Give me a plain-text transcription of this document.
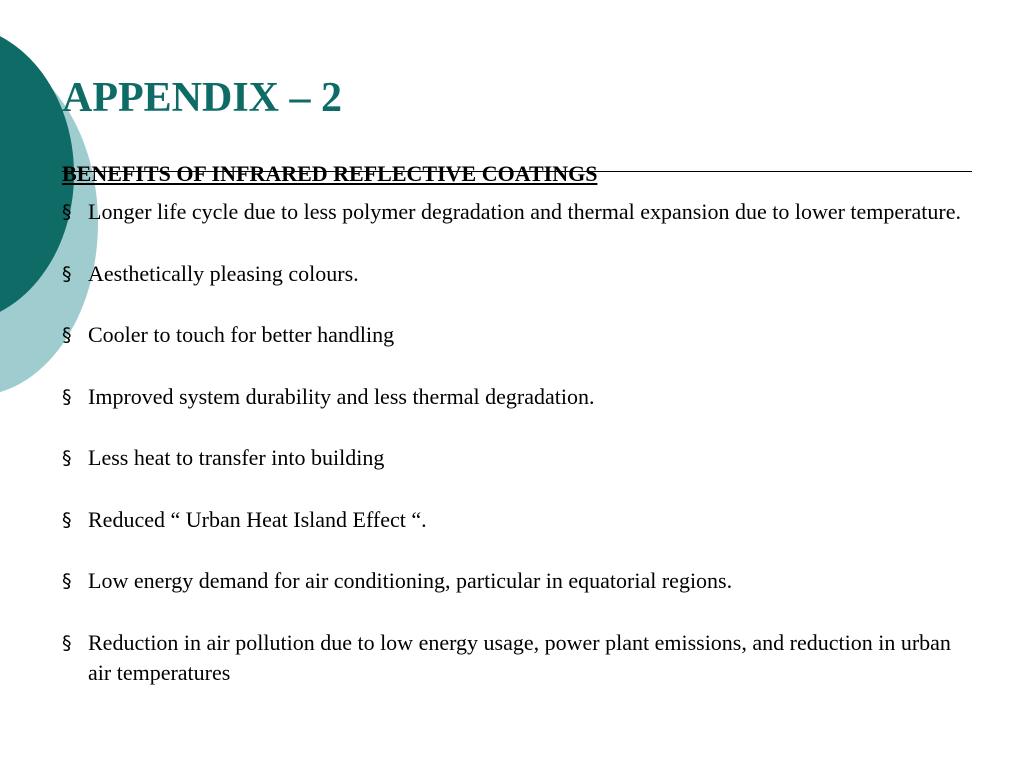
APPENDIX – 2
BENEFITS OF INFRARED REFLECTIVE COATINGS
§ Longer life cycle due to less polymer degradation and thermal expansion due to lower temperature.
§ Aesthetically pleasing colours.
§ Cooler to touch for better handling
§ Improved system durability and less thermal degradation.
§ Less heat to transfer into building
§ Reduced “ Urban Heat Island Effect “.
§ Low energy demand for air conditioning, particular in equatorial regions.
§ Reduction in air pollution due to low energy usage, power plant emissions, and reduction in urban air temperatures
